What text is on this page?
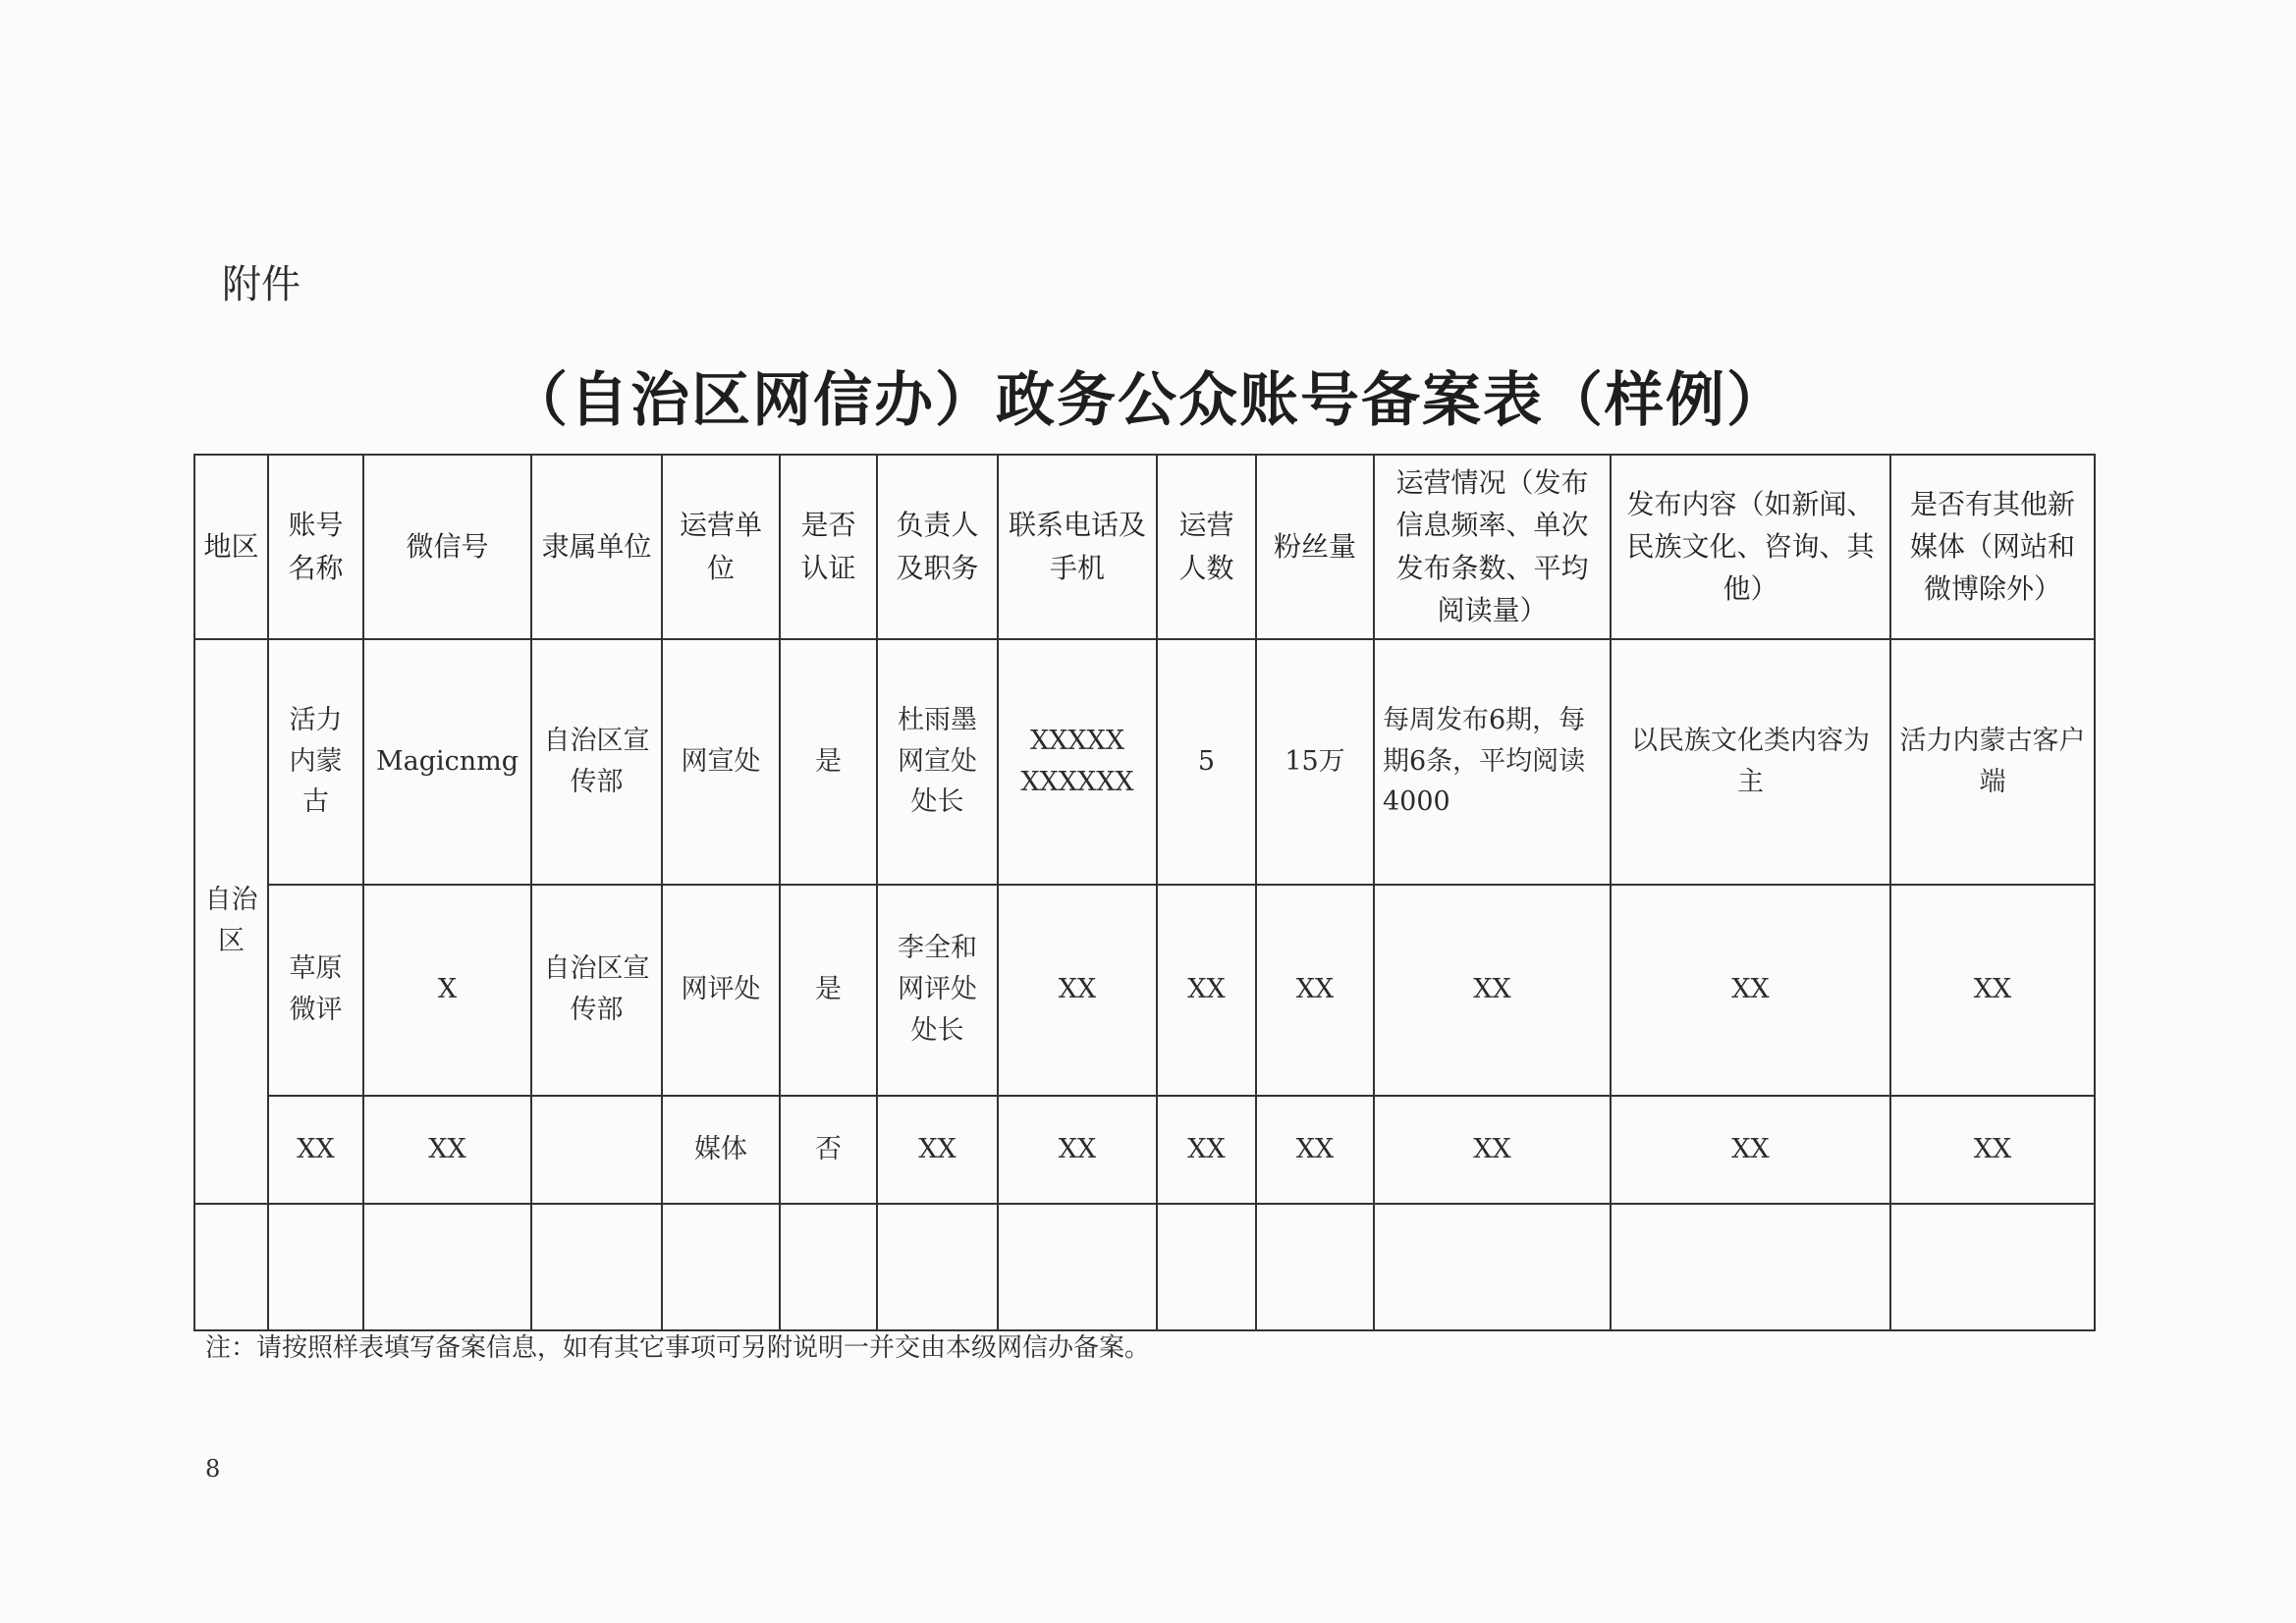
附件
（自治区网信办）政务公众账号备案表（样例）
地区	账号名称	微信号	隶属单位	运营单位	是否认证	负责人及职务	联系电话及手机	运营人数	粉丝量	运营情况（发布信息频率、单次发布条数、平均阅读量）	发布内容（如新闻、民族文化、咨询、其他）	是否有其他新媒体（网站和微博除外）
自治区	活力内蒙古	Magicnmg	自治区宣传部	网宣处	是	杜雨墨网宣处处长	XXXXX XXXXXX	5	15万	每周发布6期，每期6条，平均阅读4000	以民族文化类内容为主	活力内蒙古客户端
	草原微评	X	自治区宣传部	网评处	是	李全和网评处处长	XX	XX	XX	XX	XX	XX
	XX	XX		媒体	否	XX	XX	XX	XX	XX	XX	XX

注：请按照样表填写备案信息，如有其它事项可另附说明一并交由本级网信办备案。
8
